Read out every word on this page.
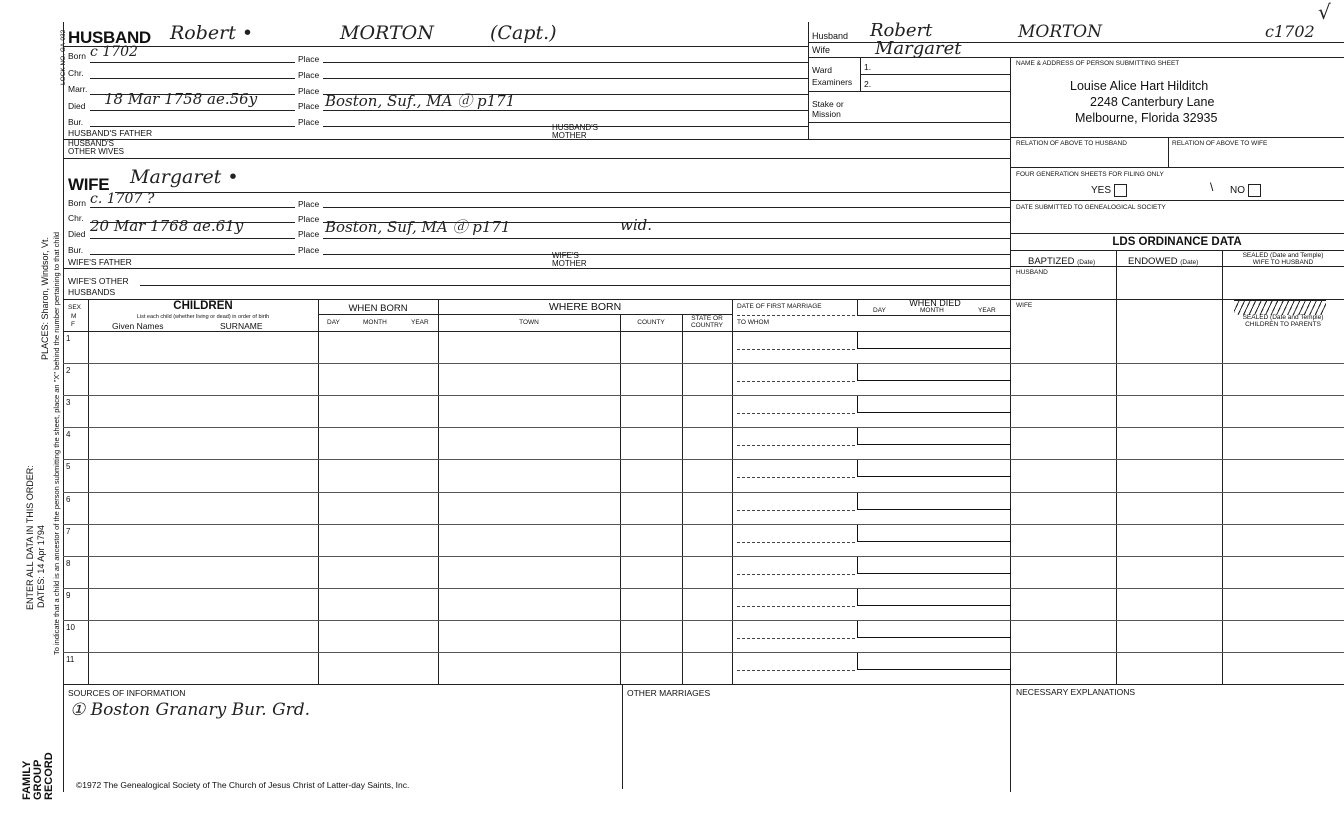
PLACES: Sharon, Windsor, Vt. To indicate that a child is an ancestor of the person submitting the sheet, place an "X" behind the number pertaining to that child
ENTER ALL DATA IN THIS ORDER: DATES: 14 Apr 1794
FAMILY GROUP RECORD
LOCK NO. GA-032 HUSBAND Robert •	MORTON	(Capt.)
Born c 1702	Place
Chr.	Place
Marr.	Place
Died 18 Mar 1758 ae.56y	Place Boston, Suf., MA ⓓ p171
Bur.	Place
HUSBAND'S FATHER
HUSBAND'S
MOTHER
HUSBAND'S
OTHER WIVES
WIFE Margaret •
Born c. 1707 ?	Place
Chr.	Place
Died 20 Mar 1768 ae.61y	Place Boston, Suf, MA ⓓ p171	wid.
Bur.	Place
WIFE'S FATHER
WIFE'S
MOTHER
WIFE'S OTHER
HUSBANDS
Husband Robert	MORTON	c1702
√
Wife	Margaret
Ward
Examiners
1.
2.
Stake or
Mission
NAME & ADDRESS OF PERSON SUBMITTING SHEET
Louise Alice Hart Hilditch
2248 Canterbury Lane
Melbourne, Florida 32935
RELATION OF ABOVE TO HUSBAND	RELATION OF ABOVE TO WIFE
FOUR GENERATION SHEETS FOR FILING ONLY
YES	\ NO
DATE SUBMITTED TO GENEALOGICAL SOCIETY
LDS ORDINANCE DATA
BAPTIZED (Date)	ENDOWED (Date)
SEALED (Date and Temple)
WIFE TO HUSBAND
HUSBAND
WIFE
SEALED (Date and Temple)
CHILDREN TO PARENTS
SEX
M
F
CHILDREN
List each child (whether living or dead) in order of birth
Given Names	SURNAME
WHEN BORN
DAY	MONTH	YEAR
WHERE BORN
TOWN	COUNTY
STATE OR
COUNTRY
DATE OF FIRST MARRIAGE
TO WHOM
WHEN DIED
DAY	MONTH	YEAR
1
2
3
4
5
6
7
8
9
10
11
SOURCES OF INFORMATION
① Boston Granary Bur. Grd.
OTHER MARRIAGES	NECESSARY EXPLANATIONS
©1972 The Genealogical Society of The Church of Jesus Christ of Latter-day Saints, Inc.
